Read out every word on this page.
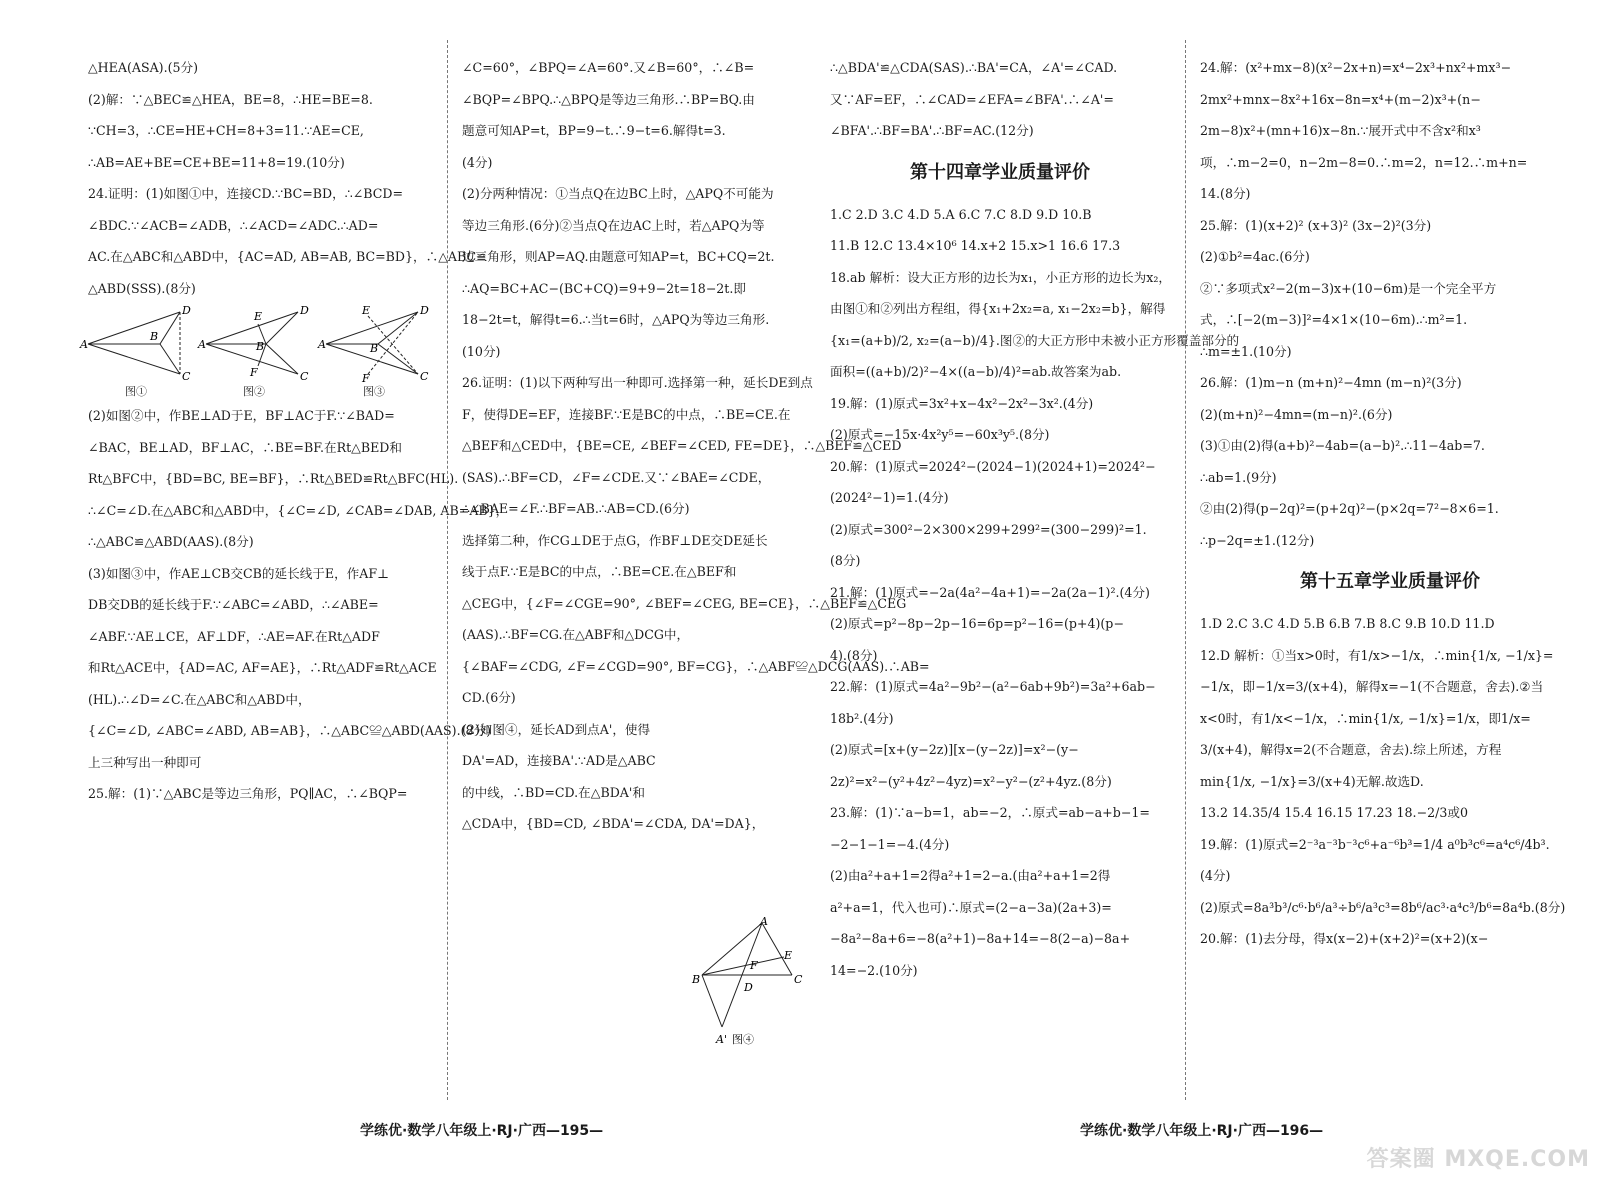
△HEA(ASA).(5分)
(2)解：∵△BEC≌△HEA，BE=8，∴HE=BE=8.
∵CH=3，∴CE=HE+CH=8+3=11.∵AE=CE,
∴AB=AE+BE=CE+BE=11+8=19.(10分)
24.证明：(1)如图①中，连接CD.∵BC=BD，∴∠BCD=
∠BDC.∵∠ACB=∠ADB，∴∠ACD=∠ADC.∴AD=
AC.在△ABC和△ABD中，{AC=AD, AB=AB, BC=BD}，∴△ABC≌
△ABD(SSS).(8分)
A
B
D
C
图①
A	B
D
C
E
F
图②
A	B
D
C
E
F
图③
(2)如图②中，作BE⊥AD于E，BF⊥AC于F.∵∠BAD=
∠BAC，BE⊥AD，BF⊥AC，∴BE=BF.在Rt△BED和
Rt△BFC中，{BD=BC, BE=BF}，∴Rt△BED≌Rt△BFC(HL).
∴∠C=∠D.在△ABC和△ABD中，{∠C=∠D, ∠CAB=∠DAB, AB=AB}，
∴△ABC≌△ABD(AAS).(8分)
(3)如图③中，作AE⊥CB交CB的延长线于E，作AF⊥
DB交DB的延长线于F.∵∠ABC=∠ABD，∴∠ABE=
∠ABF.∵AE⊥CE，AF⊥DF，∴AE=AF.在Rt△ADF
和Rt△ACE中，{AD=AC, AF=AE}，∴Rt△ADF≌Rt△ACE
(HL).∴∠D=∠C.在△ABC和△ABD中，
{∠C=∠D, ∠ABC=∠ABD, AB=AB}，∴△ABC≌△ABD(AAS).(8分)
上三种写出一种即可
25.解：(1)∵△ABC是等边三角形，PQ∥AC，∴∠BQP=
∠C=60°，∠BPQ=∠A=60°.又∠B=60°，∴∠B=
∠BQP=∠BPQ.∴△BPQ是等边三角形.∴BP=BQ.由
题意可知AP=t，BP=9−t.∴9−t=6.解得t=3.
(4分)
(2)分两种情况：①当点Q在边BC上时，△APQ不可能为
等边三角形.(6分)②当点Q在边AC上时，若△APQ为等
边三角形，则AP=AQ.由题意可知AP=t，BC+CQ=2t.
∴AQ=BC+AC−(BC+CQ)=9+9−2t=18−2t.即
18−2t=t，解得t=6.∴当t=6时，△APQ为等边三角形.
(10分)
26.证明：(1)以下两种写出一种即可.选择第一种，延长DE到点
F，使得DE=EF，连接BF.∵E是BC的中点，∴BE=CE.在
△BEF和△CED中，{BE=CE, ∠BEF=∠CED, FE=DE}，∴△BEF≌△CED
(SAS).∴BF=CD，∠F=∠CDE.又∵∠BAE=∠CDE，
∴∠BAE=∠F.∴BF=AB.∴AB=CD.(6分)
选择第二种，作CG⊥DE于点G，作BF⊥DE交DE延长
线于点F.∵E是BC的中点，∴BE=CE.在△BEF和
△CEG中，{∠F=∠CGE=90°, ∠BEF=∠CEG, BE=CE}，∴△BEF≌△CEG
(AAS).∴BF=CG.在△ABF和△DCG中，
{∠BAF=∠CDG, ∠F=∠CGD=90°, BF=CG}，∴△ABF≌△DCG(AAS).∴AB=
CD.(6分)
(2)如图④，延长AD到点A'，使得
DA'=AD，连接BA'.∵AD是△ABC
的中线，∴BD=CD.在△BDA'和
△CDA中，{BD=CD, ∠BDA'=∠CDA, DA'=DA}，
学练优·数学八年级上·RJ·广西—195—
A
B	C
D
E
F
A' 图④
∴△BDA'≌△CDA(SAS).∴BA'=CA，∠A'=∠CAD.
又∵AF=EF，∴∠CAD=∠EFA=∠BFA'.∴∠A'=
∠BFA'.∴BF=BA'.∴BF=AC.(12分)
第十四章学业质量评价
1.C 2.D 3.C 4.D 5.A 6.C 7.C 8.D 9.D 10.B
11.B 12.C 13.4×10⁶ 14.x+2 15.x>1 16.6 17.3
18.ab 解析：设大正方形的边长为x₁，小正方形的边长为x₂，
由图①和②列出方程组，得{x₁+2x₂=a, x₁−2x₂=b}，解得
{x₁=(a+b)/2, x₂=(a−b)/4}.图②的大正方形中未被小正方形覆盖部分的
面积=((a+b)/2)²−4×((a−b)/4)²=ab.故答案为ab.
19.解：(1)原式=3x²+x−4x²−2x²−3x².(4分)
(2)原式=−15x·4x²y⁵=−60x³y⁵.(8分)
20.解：(1)原式=2024²−(2024−1)(2024+1)=2024²−
(2024²−1)=1.(4分)
(2)原式=300²−2×300×299+299²=(300−299)²=1.
(8分)
21.解：(1)原式=−2a(4a²−4a+1)=−2a(2a−1)².(4分)
(2)原式=p²−8p−2p−16=6p=p²−16=(p+4)(p−
4).(8分)
22.解：(1)原式=4a²−9b²−(a²−6ab+9b²)=3a²+6ab−
18b².(4分)
(2)原式=[x+(y−2z)][x−(y−2z)]=x²−(y−
2z)²=x²−(y²+4z²−4yz)=x²−y²−(z²+4yz.(8分)
23.解：(1)∵a−b=1，ab=−2，∴原式=ab−a+b−1=
−2−1−1=−4.(4分)
(2)由a²+a+1=2得a²+1=2−a.(由a²+a+1=2得
a²+a=1，代入也可)∴原式=(2−a−3a)(2a+3)=
−8a²−8a+6=−8(a²+1)−8a+14=−8(2−a)−8a+
14=−2.(10分)
24.解：(x²+mx−8)(x²−2x+n)=x⁴−2x³+nx²+mx³−
2mx²+mnx−8x²+16x−8n=x⁴+(m−2)x³+(n−
2m−8)x²+(mn+16)x−8n.∵展开式中不含x²和x³
项，∴m−2=0，n−2m−8=0.∴m=2，n=12.∴m+n=
14.(8分)
25.解：(1)(x+2)² (x+3)² (3x−2)²(3分)
(2)①b²=4ac.(6分)
②∵多项式x²−2(m−3)x+(10−6m)是一个完全平方
式，∴[−2(m−3)]²=4×1×(10−6m).∴m²=1.
∴m=±1.(10分)
26.解：(1)m−n (m+n)²−4mn (m−n)²(3分)
(2)(m+n)²−4mn=(m−n)².(6分)
(3)①由(2)得(a+b)²−4ab=(a−b)².∴11−4ab=7.
∴ab=1.(9分)
②由(2)得(p−2q)²=(p+2q)²−(p×2q=7²−8×6=1.
∴p−2q=±1.(12分)
第十五章学业质量评价
1.D 2.C 3.C 4.D 5.B 6.B 7.B 8.C 9.B 10.D 11.D
12.D 解析：①当x>0时，有1/x>−1/x，∴min{1/x, −1/x}=
−1/x，即−1/x=3/(x+4)，解得x=−1(不合题意，舍去).②当
x<0时，有1/x<−1/x，∴min{1/x, −1/x}=1/x，即1/x=
3/(x+4)，解得x=2(不合题意，舍去).综上所述，方程
min{1/x, −1/x}=3/(x+4)无解.故选D.
13.2 14.35/4 15.4 16.15 17.23 18.−2/3或0
19.解：(1)原式=2⁻³a⁻³b⁻³c⁶+a⁻⁶b³=1/4 a⁰b³c⁶=a⁴c⁶/4b³.
(4分)
(2)原式=8a³b³/c⁶·b⁶/a³÷b⁶/a³c³=8b⁶/ac³·a⁴c³/b⁶=8a⁴b.(8分)
20.解：(1)去分母，得x(x−2)+(x+2)²=(x+2)(x−
学练优·数学八年级上·RJ·广西—196—
答案圈 MXQE.COM
